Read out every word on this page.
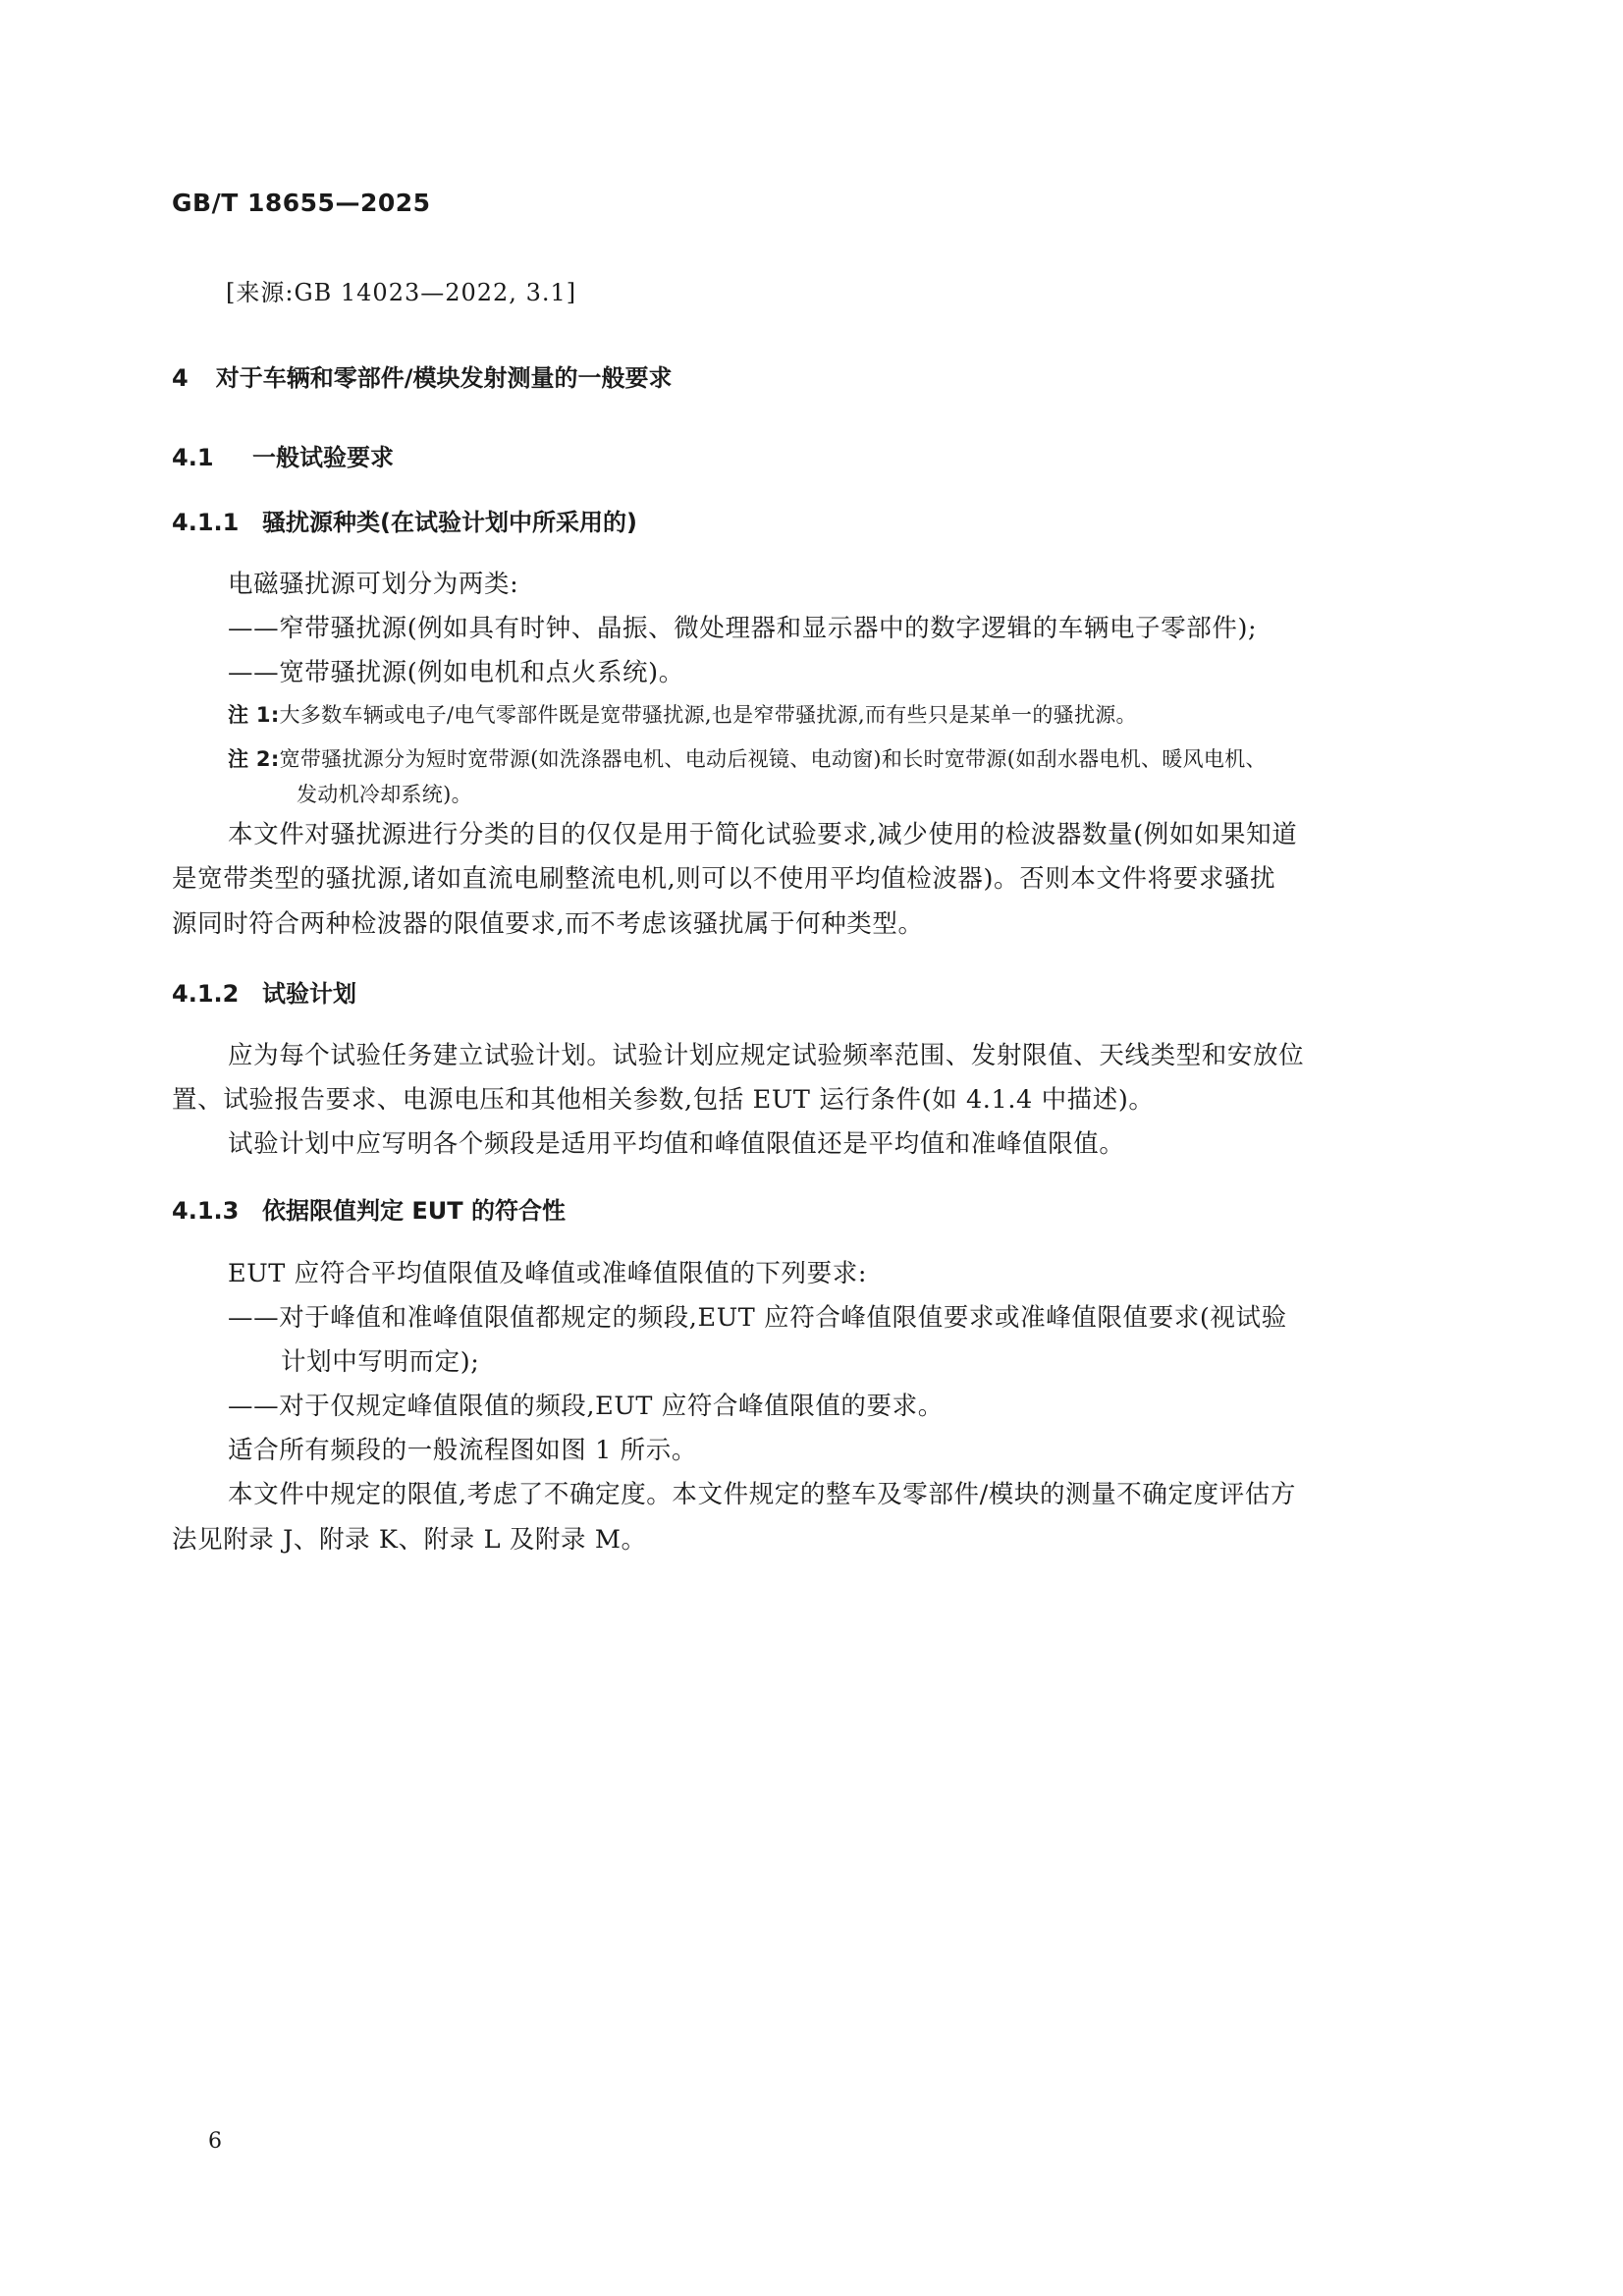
GB/T 18655—2025
[来源:GB 14023—2022, 3.1]
4 对于车辆和零部件/模块发射测量的一般要求
4.1 一般试验要求
4.1.1 骚扰源种类(在试验计划中所采用的)
电磁骚扰源可划分为两类:
——窄带骚扰源(例如具有时钟、晶振、微处理器和显示器中的数字逻辑的车辆电子零部件);
——宽带骚扰源(例如电机和点火系统)。
注 1:大多数车辆或电子/电气零部件既是宽带骚扰源,也是窄带骚扰源,而有些只是某单一的骚扰源。
注 2:宽带骚扰源分为短时宽带源(如洗涤器电机、电动后视镜、电动窗)和长时宽带源(如刮水器电机、暖风电机、
发动机冷却系统)。
本文件对骚扰源进行分类的目的仅仅是用于简化试验要求,减少使用的检波器数量(例如如果知道
是宽带类型的骚扰源,诸如直流电刷整流电机,则可以不使用平均值检波器)。否则本文件将要求骚扰
源同时符合两种检波器的限值要求,而不考虑该骚扰属于何种类型。
4.1.2 试验计划
应为每个试验任务建立试验计划。试验计划应规定试验频率范围、发射限值、天线类型和安放位
置、试验报告要求、电源电压和其他相关参数,包括 EUT 运行条件(如 4.1.4 中描述)。
试验计划中应写明各个频段是适用平均值和峰值限值还是平均值和准峰值限值。
4.1.3 依据限值判定 EUT 的符合性
EUT 应符合平均值限值及峰值或准峰值限值的下列要求:
——对于峰值和准峰值限值都规定的频段,EUT 应符合峰值限值要求或准峰值限值要求(视试验
计划中写明而定);
——对于仅规定峰值限值的频段,EUT 应符合峰值限值的要求。
适合所有频段的一般流程图如图 1 所示。
本文件中规定的限值,考虑了不确定度。本文件规定的整车及零部件/模块的测量不确定度评估方
法见附录 J、附录 K、附录 L 及附录 M。
6
